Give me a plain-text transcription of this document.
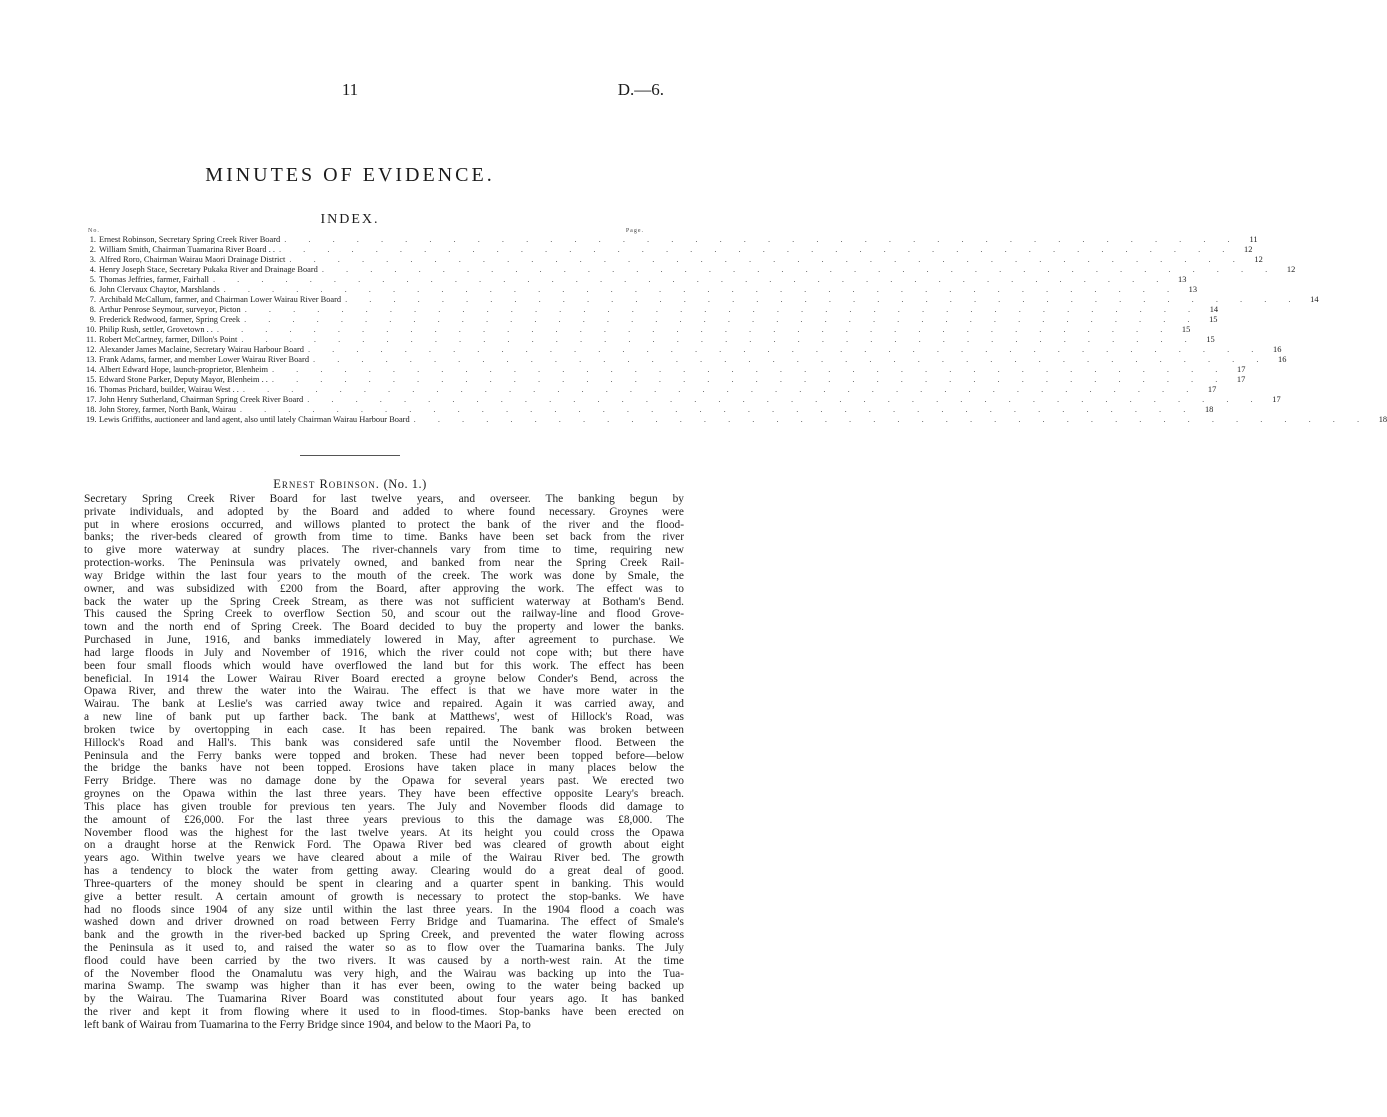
11	D.—6.
MINUTES OF EVIDENCE.
INDEX.
No.	Page.
1. Ernest Robinson, Secretary Spring Creek River Board . . . . . . . . . . . . . . . . . . . . . . . . . . . . . . . . . . . . . . . .	11
2. William Smith, Chairman Tuamarina River Board . . . . . . . . . . . . . . . . . . . . . . . . . . . . . . . . . . . . . . . . . .	12
3. Alfred Roro, Chairman Wairau Maori Drainage District . . . . . . . . . . . . . . . . . . . . . . . . . . . . . . . . . . . . . . . .	12
4. Henry Joseph Stace, Secretary Pukaka River and Drainage Board . . . . . . . . . . . . . . . . . . . . . . . . . . . . . . . . . . . . . . . .	12
5. Thomas Jeffries, farmer, Fairhall . . . . . . . . . . . . . . . . . . . . . . . . . . . . . . . . . . . . . . . .	13
6. John Clervaux Chaytor, Marshlands . . . . . . . . . . . . . . . . . . . . . . . . . . . . . . . . . . . . . . . .	13
7. Archibald McCallum, farmer, and Chairman Lower Wairau River Board . . . . . . . . . . . . . . . . . . . . . . . . . . . . . . . . . . . . . . . .	14
8. Arthur Penrose Seymour, surveyor, Picton . . . . . . . . . . . . . . . . . . . . . . . . . . . . . . . . . . . . . . . .	14
9. Frederick Redwood, farmer, Spring Creek . . . . . . . . . . . . . . . . . . . . . . . . . . . . . . . . . . . . . . . .	15
10. Philip Rush, settler, Grovetown . . . . . . . . . . . . . . . . . . . . . . . . . . . . . . . . . . . . . . . . . .	15
11. Robert McCartney, farmer, Dillon's Point . . . . . . . . . . . . . . . . . . . . . . . . . . . . . . . . . . . . . . . .	15
12. Alexander James Maclaine, Secretary Wairau Harbour Board . . . . . . . . . . . . . . . . . . . . . . . . . . . . . . . . . . . . . . . .	16
13. Frank Adams, farmer, and member Lower Wairau River Board . . . . . . . . . . . . . . . . . . . . . . . . . . . . . . . . . . . . . . . .	16
14. Albert Edward Hope, launch-proprietor, Blenheim . . . . . . . . . . . . . . . . . . . . . . . . . . . . . . . . . . . . . . . .	17
15. Edward Stone Parker, Deputy Mayor, Blenheim . . . . . . . . . . . . . . . . . . . . . . . . . . . . . . . . . . . . . . . . . .	17
16. Thomas Prichard, builder, Wairau West . . . . . . . . . . . . . . . . . . . . . . . . . . . . . . . . . . . . . . . . . .	17
17. John Henry Sutherland, Chairman Spring Creek River Board . . . . . . . . . . . . . . . . . . . . . . . . . . . . . . . . . . . . . . . .	17
18. John Storey, farmer, North Bank, Wairau . . . . . . . . . . . . . . . . . . . . . . . . . . . . . . . . . . . . . . . .	18
19. Lewis Griffiths, auctioneer and land agent, also until lately Chairman Wairau Harbour Board . . . . . . . . . . . . . . . . . . . . . . . . . . . . . . . . . . . . . . . .	18
Ernest Robinson. (No. 1.)
Secretary Spring Creek River Board for last twelve years, and overseer. The banking begun by
private individuals, and adopted by the Board and added to where found necessary. Groynes were
put in where erosions occurred, and willows planted to protect the bank of the river and the flood-
banks; the river-beds cleared of growth from time to time. Banks have been set back from the river
to give more waterway at sundry places. The river-channels vary from time to time, requiring new
protection-works. The Peninsula was privately owned, and banked from near the Spring Creek Rail-
way Bridge within the last four years to the mouth of the creek. The work was done by Smale, the
owner, and was subsidized with £200 from the Board, after approving the work. The effect was to
back the water up the Spring Creek Stream, as there was not sufficient waterway at Botham's Bend.
This caused the Spring Creek to overflow Section 50, and scour out the railway-line and flood Grove-
town and the north end of Spring Creek. The Board decided to buy the property and lower the banks.
Purchased in June, 1916, and banks immediately lowered in May, after agreement to purchase. We
had large floods in July and November of 1916, which the river could not cope with; but there have
been four small floods which would have overflowed the land but for this work. The effect has been
beneficial. In 1914 the Lower Wairau River Board erected a groyne below Conder's Bend, across the
Opawa River, and threw the water into the Wairau. The effect is that we have more water in the
Wairau. The bank at Leslie's was carried away twice and repaired. Again it was carried away, and
a new line of bank put up farther back. The bank at Matthews', west of Hillock's Road, was
broken twice by overtopping in each case. It has been repaired. The bank was broken between
Hillock's Road and Hall's. This bank was considered safe until the November flood. Between the
Peninsula and the Ferry banks were topped and broken. These had never been topped before—below
the bridge the banks have not been topped. Erosions have taken place in many places below the
Ferry Bridge. There was no damage done by the Opawa for several years past. We erected two
groynes on the Opawa within the last three years. They have been effective opposite Leary's breach.
This place has given trouble for previous ten years. The July and November floods did damage to
the amount of £26,000. For the last three years previous to this the damage was £8,000. The
November flood was the highest for the last twelve years. At its height you could cross the Opawa
on a draught horse at the Renwick Ford. The Opawa River bed was cleared of growth about eight
years ago. Within twelve years we have cleared about a mile of the Wairau River bed. The growth
has a tendency to block the water from getting away. Clearing would do a great deal of good.
Three-quarters of the money should be spent in clearing and a quarter spent in banking. This would
give a better result. A certain amount of growth is necessary to protect the stop-banks. We have
had no floods since 1904 of any size until within the last three years. In the 1904 flood a coach was
washed down and driver drowned on road between Ferry Bridge and Tuamarina. The effect of Smale's
bank and the growth in the river-bed backed up Spring Creek, and prevented the water flowing across
the Peninsula as it used to, and raised the water so as to flow over the Tuamarina banks. The July
flood could have been carried by the two rivers. It was caused by a north-west rain. At the time
of the November flood the Onamalutu was very high, and the Wairau was backing up into the Tua-
marina Swamp. The swamp was higher than it has ever been, owing to the water being backed up
by the Wairau. The Tuamarina River Board was constituted about four years ago. It has banked
the river and kept it from flowing where it used to in flood-times. Stop-banks have been erected on
left bank of Wairau from Tuamarina to the Ferry Bridge since 1904, and below to the Maori Pa, to
